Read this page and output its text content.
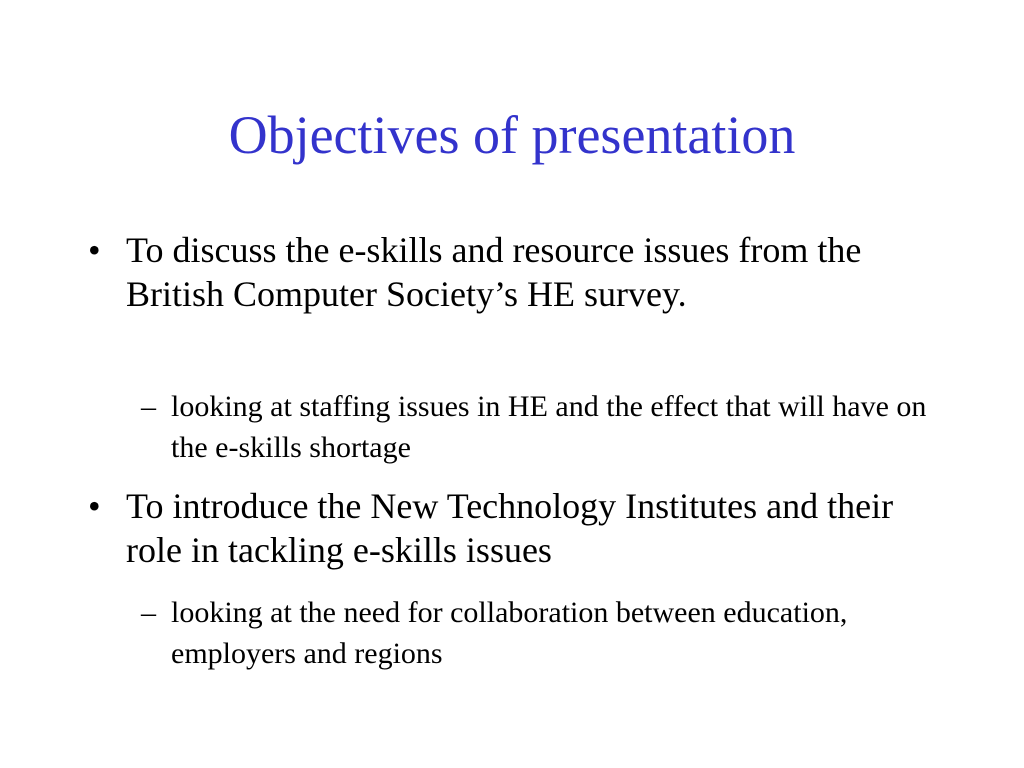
Objectives of presentation
• To discuss the e-skills and resource issues from the British Computer Society’s HE survey.
– looking at staffing issues in HE and the effect that will have on the e-skills shortage
• To introduce the New Technology Institutes and their role in tackling e-skills issues
– looking at the need for collaboration between education, employers and regions
